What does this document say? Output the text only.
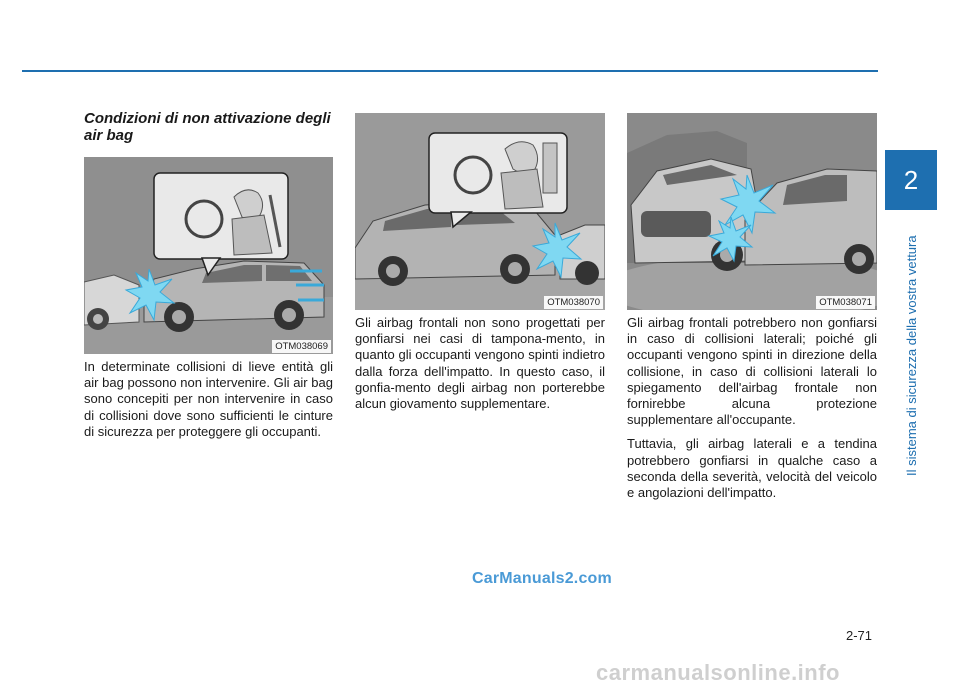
2
Il sistema di sicurezza della vostra vettura
Condizioni di non attivazione degli air bag
OTM038069
OTM038070	OTM038071

In determinate collisioni di lieve entità gli air bag possono non intervenire. Gli air bag sono concepiti per non intervenire in caso di collisioni dove sono sufficienti le cinture di sicurezza per proteggere gli occupanti.

Gli airbag frontali non sono progettati per gonfiarsi nei casi di tampona-mento, in quanto gli occupanti vengono spinti indietro dalla forza dell'impatto. In questo caso, il gonfia-mento degli airbag non porterebbe alcun giovamento supplementare.

Gli airbag frontali potrebbero non gonfiarsi in caso di collisioni laterali; poiché gli occupanti vengono spinti in direzione della collisione, in caso di collisioni laterali lo spiegamento dell'airbag frontale non fornirebbe alcuna protezione supplementare all'occupante.

Tuttavia, gli airbag laterali e a tendina potrebbero gonfiarsi in qualche caso a seconda della severità, velocità del veicolo e angolazioni dell'impatto.

CarManuals2.com
2-71
carmanualsonline.info
